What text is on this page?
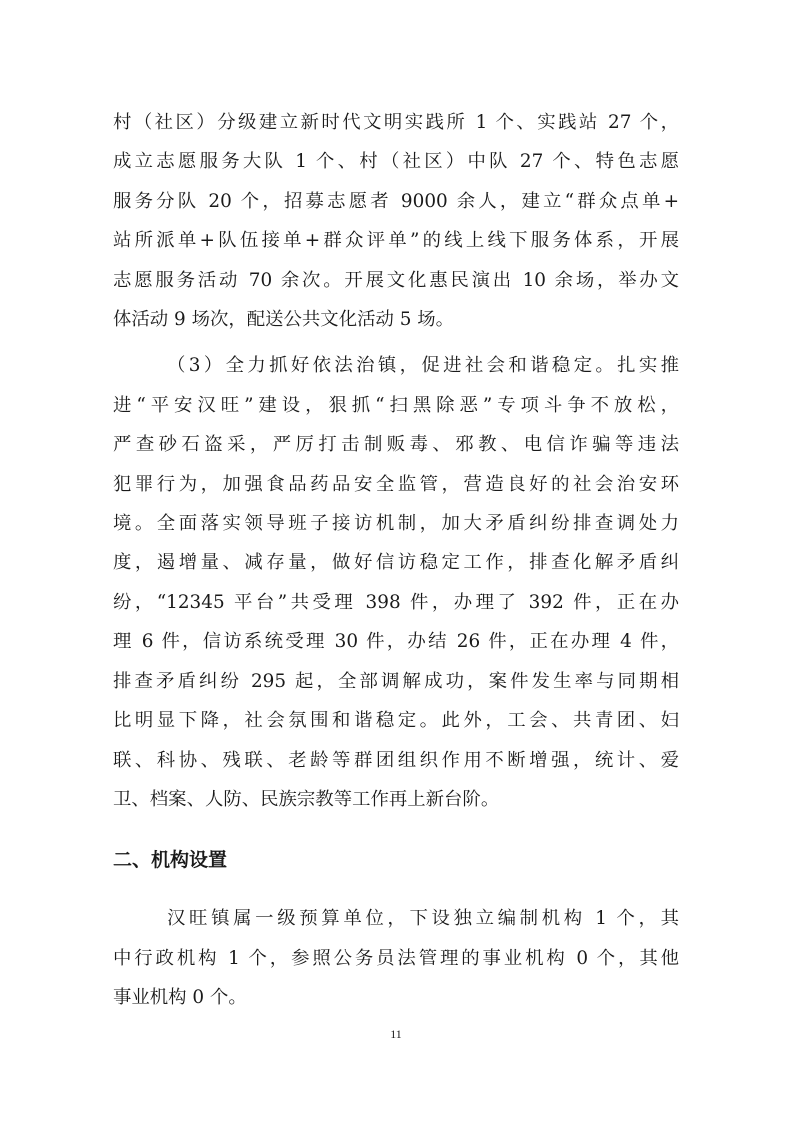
村（社区）分级建立新时代文明实践所 1 个、实践站 27 个，
成立志愿服务大队 1 个、村（社区）中队 27 个、特色志愿
服务分队 20 个，招募志愿者 9000 余人，建立“群众点单+
站所派单+队伍接单+群众评单”的线上线下服务体系，开展
志愿服务活动 70 余次。开展文化惠民演出 10 余场，举办文
体活动 9 场次，配送公共文化活动 5 场。
（3）全力抓好依法治镇，促进社会和谐稳定。扎实推
进“平安汉旺”建设，狠抓“扫黑除恶”专项斗争不放松，
严查砂石盗采，严厉打击制贩毒、邪教、电信诈骗等违法
犯罪行为，加强食品药品安全监管，营造良好的社会治安环
境。全面落实领导班子接访机制，加大矛盾纠纷排查调处力
度，遏增量、减存量，做好信访稳定工作，排查化解矛盾纠
纷，“12345 平台”共受理 398 件，办理了 392 件，正在办
理 6 件，信访系统受理 30 件，办结 26 件，正在办理 4 件，
排查矛盾纠纷 295 起，全部调解成功，案件发生率与同期相
比明显下降，社会氛围和谐稳定。此外，工会、共青团、妇
联、科协、残联、老龄等群团组织作用不断增强，统计、爱
卫、档案、人防、民族宗教等工作再上新台阶。
二、机构设置
汉旺镇属一级预算单位，下设独立编制机构 1 个，其
中行政机构 1 个，参照公务员法管理的事业机构 0 个，其他
事业机构 0 个。
11
